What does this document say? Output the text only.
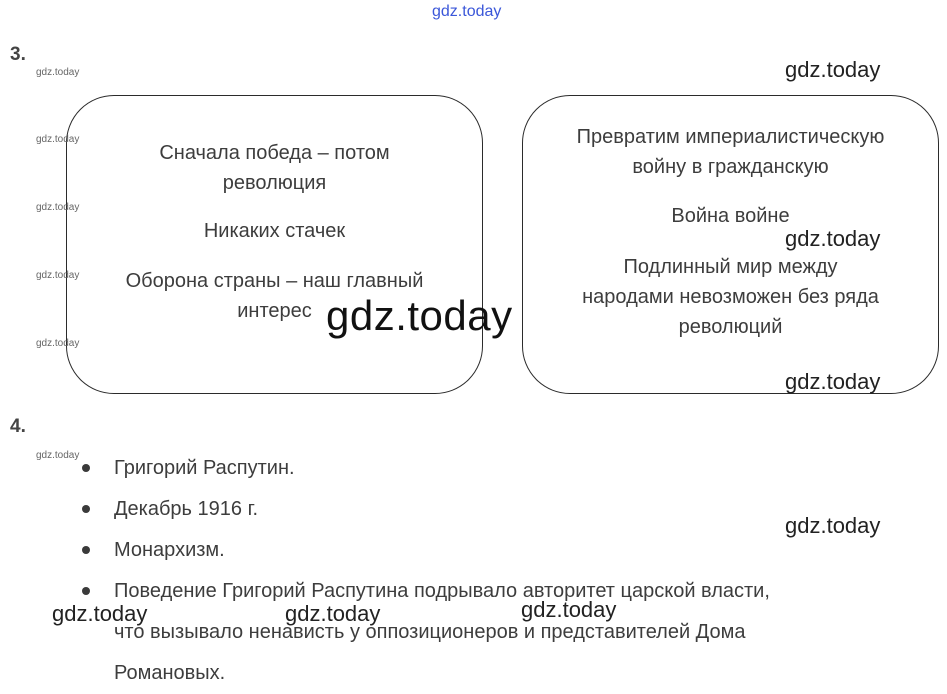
gdz.today
3.
Сначала победа – потом
революция
Никаких стачек
Оборона страны – наш главный
интерес
Превратим империалистическую
войну в гражданскую
Война войне
Подлинный мир между
народами невозможен без ряда
революций
4.
Григорий Распутин.
Декабрь 1916 г.
Монархизм.
Поведение Григорий Распутина подрывало авторитет царской власти,
что вызывало ненависть у оппозиционеров и представителей Дома
Романовых.
gdz.today
gdz.today
gdz.today
gdz.today
gdz.today
gdz.today
gdz.today
gdz.today
gdz.today
gdz.today
gdz.today	gdz.today	gdz.today
gdz.today
